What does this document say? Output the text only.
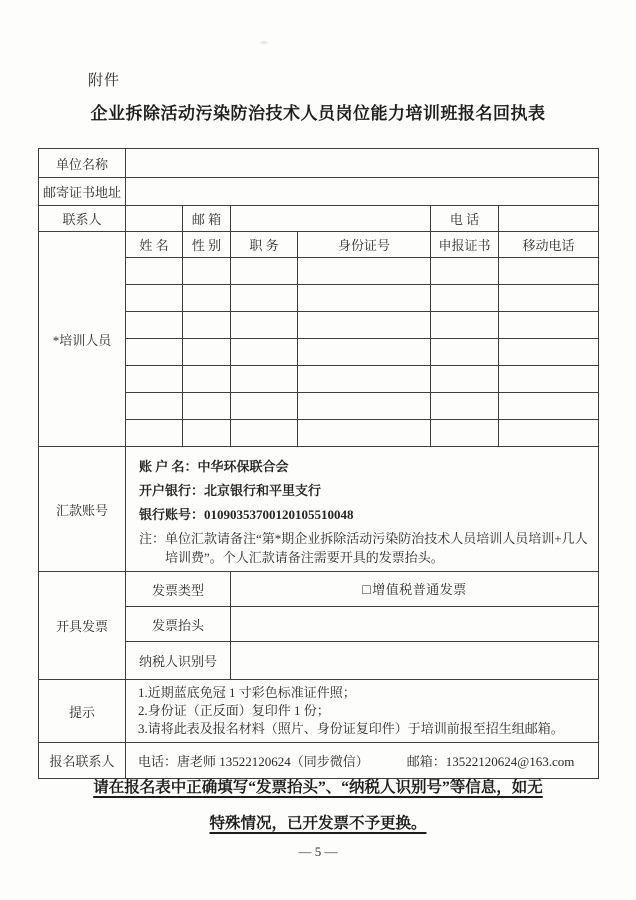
附件
企业拆除活动污染防治技术人员岗位能力培训班报名回执表
单位名称						
邮寄证书地址						
联系人		邮 箱			电 话	
*培训人员	姓 名	性 别	职 务	身份证号	申报证书	移动电话

汇款账号	账 户 名：中华环保联合会
开户银行：北京银行和平里支行
银行账号：01090353700120105510048
注：单位汇款请备注“第*期企业拆除活动污染防治技术人员培训人员培训+几人培训费”。个人汇款请备注需要开具的发票抬头。					

开具发票	发票类型		□增值税普通发票			
	发票抬头					
	纳税人识别号					
提示	1.近期蓝底免冠 1 寸彩色标准证件照；
2.身份证（正反面）复印件 1 份；
3.请将此表及报名材料（照片、身份证复印件）于培训前报至招生组邮箱。					

报名联系人	电话：唐老师 13522120624（同步微信） 邮箱：13522120624@163.com					
请在报名表中正确填写“发票抬头”、“纳税人识别号”等信息，如无
特殊情况，已开发票不予更换。
— 5 —
